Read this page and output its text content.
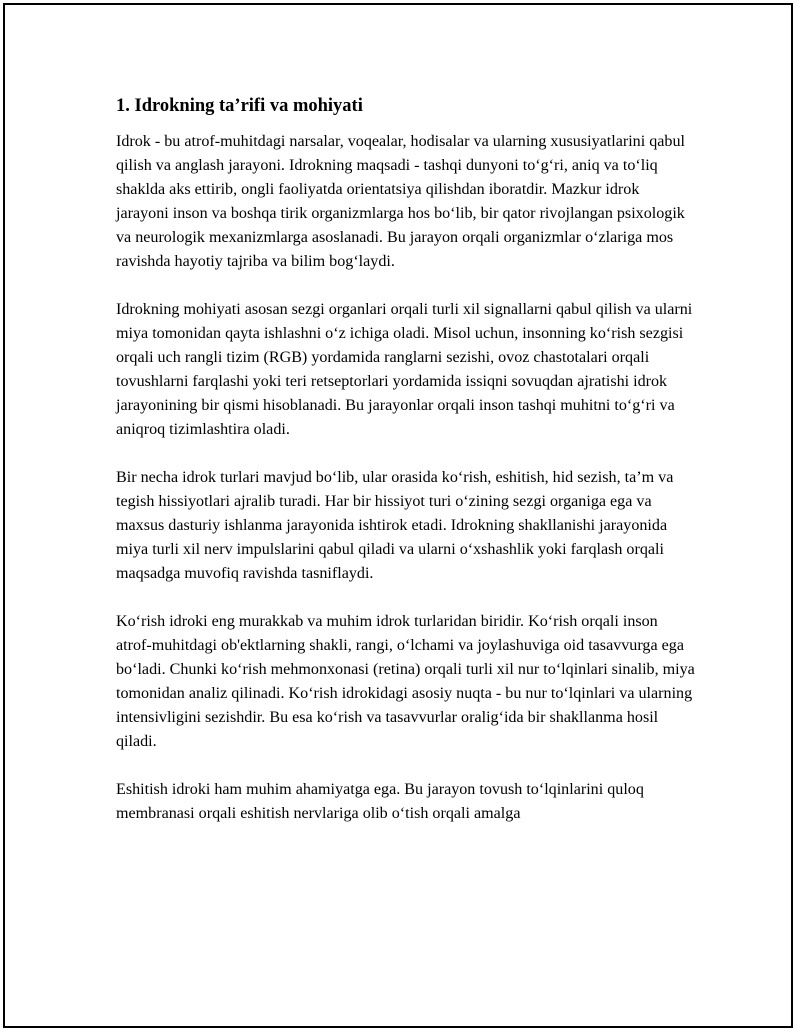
1. Idrokning ta’rifi va mohiyati

Idrok - bu atrof-muhitdagi narsalar, voqealar, hodisalar va ularning xususiyatlarini qabul qilish va anglash jarayoni. Idrokning maqsadi - tashqi dunyoni to‘g‘ri, aniq va to‘liq shaklda aks ettirib, ongli faoliyatda orientatsiya qilishdan iboratdir. Mazkur idrok jarayoni inson va boshqa tirik organizmlarga hos bo‘lib, bir qator rivojlangan psixologik va neurologik mexanizmlarga asoslanadi. Bu jarayon orqali organizmlar o‘zlariga mos ravishda hayotiy tajriba va bilim bog‘laydi.

Idrokning mohiyati asosan sezgi organlari orqali turli xil signallarni qabul qilish va ularni miya tomonidan qayta ishlashni o‘z ichiga oladi. Misol uchun, insonning ko‘rish sezgisi orqali uch rangli tizim (RGB) yordamida ranglarni sezishi, ovoz chastotalari orqali tovushlarni farqlashi yoki teri retseptorlari yordamida issiqni sovuqdan ajratishi idrok jarayonining bir qismi hisoblanadi. Bu jarayonlar orqali inson tashqi muhitni to‘g‘ri va aniqroq tizimlashtira oladi.

Bir necha idrok turlari mavjud bo‘lib, ular orasida ko‘rish, eshitish, hid sezish, ta’m va tegish hissiyotlari ajralib turadi. Har bir hissiyot turi o‘zining sezgi organiga ega va maxsus dasturiy ishlanma jarayonida ishtirok etadi. Idrokning shakllanishi jarayonida miya turli xil nerv impulslarini qabul qiladi va ularni o‘xshashlik yoki farqlash orqali maqsadga muvofiq ravishda tasniflaydi.

Ko‘rish idroki eng murakkab va muhim idrok turlaridan biridir. Ko‘rish orqali inson atrof-muhitdagi ob'ektlarning shakli, rangi, o‘lchami va joylashuviga oid tasavvurga ega bo‘ladi. Chunki ko‘rish mehmonxonasi (retina) orqali turli xil nur to‘lqinlari sinalib, miya tomonidan analiz qilinadi. Ko‘rish idrokidagi asosiy nuqta - bu nur to‘lqinlari va ularning intensivligini sezishdir. Bu esa ko‘rish va tasavvurlar oralig‘ida bir shakllanma hosil qiladi.

Eshitish idroki ham muhim ahamiyatga ega. Bu jarayon tovush to‘lqinlarini quloq membranasi orqali eshitish nervlariga olib o‘tish orqali amalga
